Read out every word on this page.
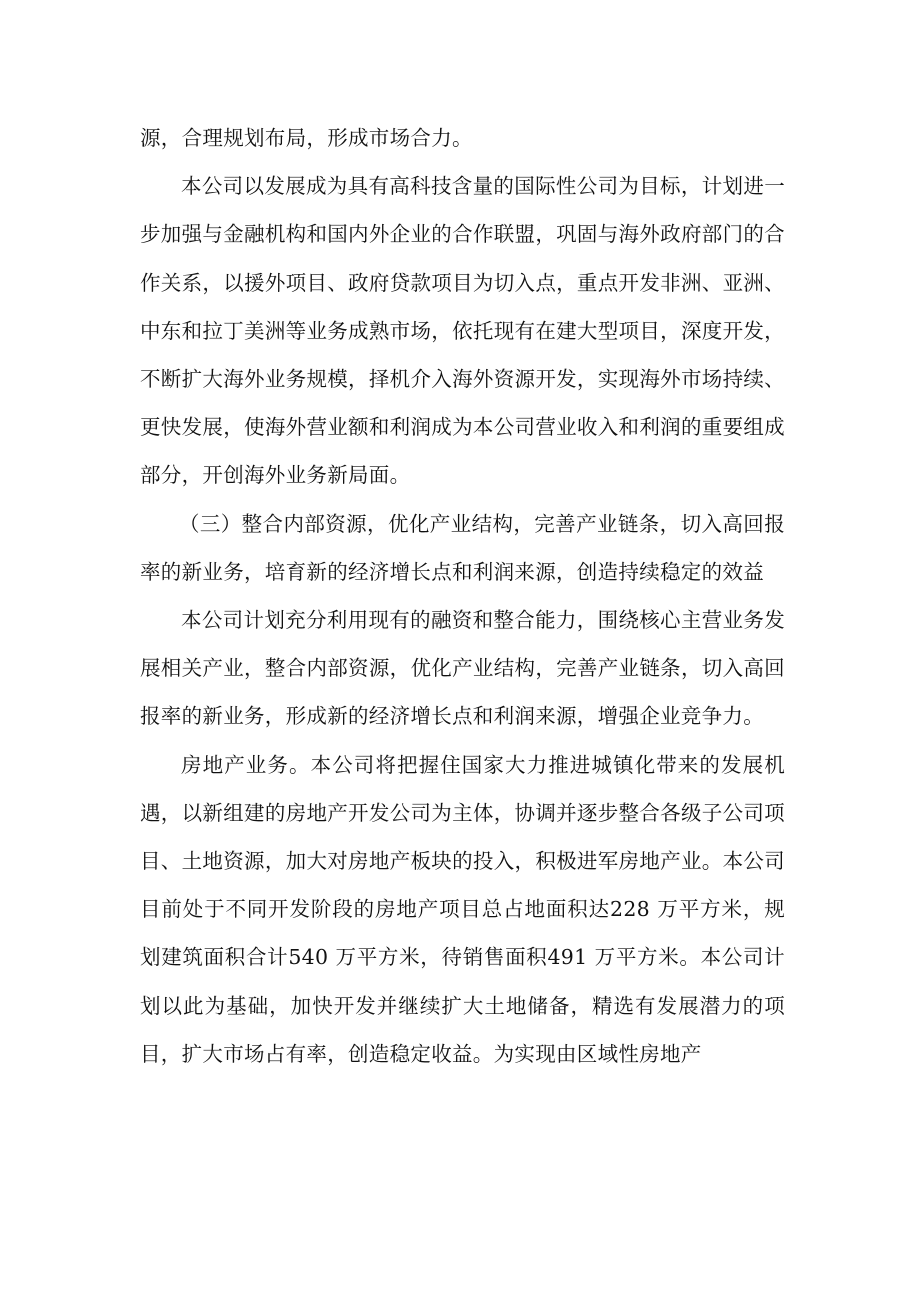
源，合理规划布局，形成市场合力。

本公司以发展成为具有高科技含量的国际性公司为目标，计划进一步加强与金融机构和国内外企业的合作联盟，巩固与海外政府部门的合作关系，以援外项目、政府贷款项目为切入点，重点开发非洲、亚洲、中东和拉丁美洲等业务成熟市场，依托现有在建大型项目，深度开发，不断扩大海外业务规模，择机介入海外资源开发，实现海外市场持续、更快发展，使海外营业额和利润成为本公司营业收入和利润的重要组成部分，开创海外业务新局面。

（三）整合内部资源，优化产业结构，完善产业链条，切入高回报率的新业务，培育新的经济增长点和利润来源，创造持续稳定的效益

本公司计划充分利用现有的融资和整合能力，围绕核心主营业务发展相关产业，整合内部资源，优化产业结构，完善产业链条，切入高回报率的新业务，形成新的经济增长点和利润来源，增强企业竞争力。

房地产业务。本公司将把握住国家大力推进城镇化带来的发展机遇，以新组建的房地产开发公司为主体，协调并逐步整合各级子公司项目、土地资源，加大对房地产板块的投入，积极进军房地产业。本公司目前处于不同开发阶段的房地产项目总占地面积达228 万平方米，规划建筑面积合计540 万平方米，待销售面积491 万平方米。本公司计划以此为基础，加快开发并继续扩大土地储备，精选有发展潜力的项目，扩大市场占有率，创造稳定收益。为实现由区域性房地产
